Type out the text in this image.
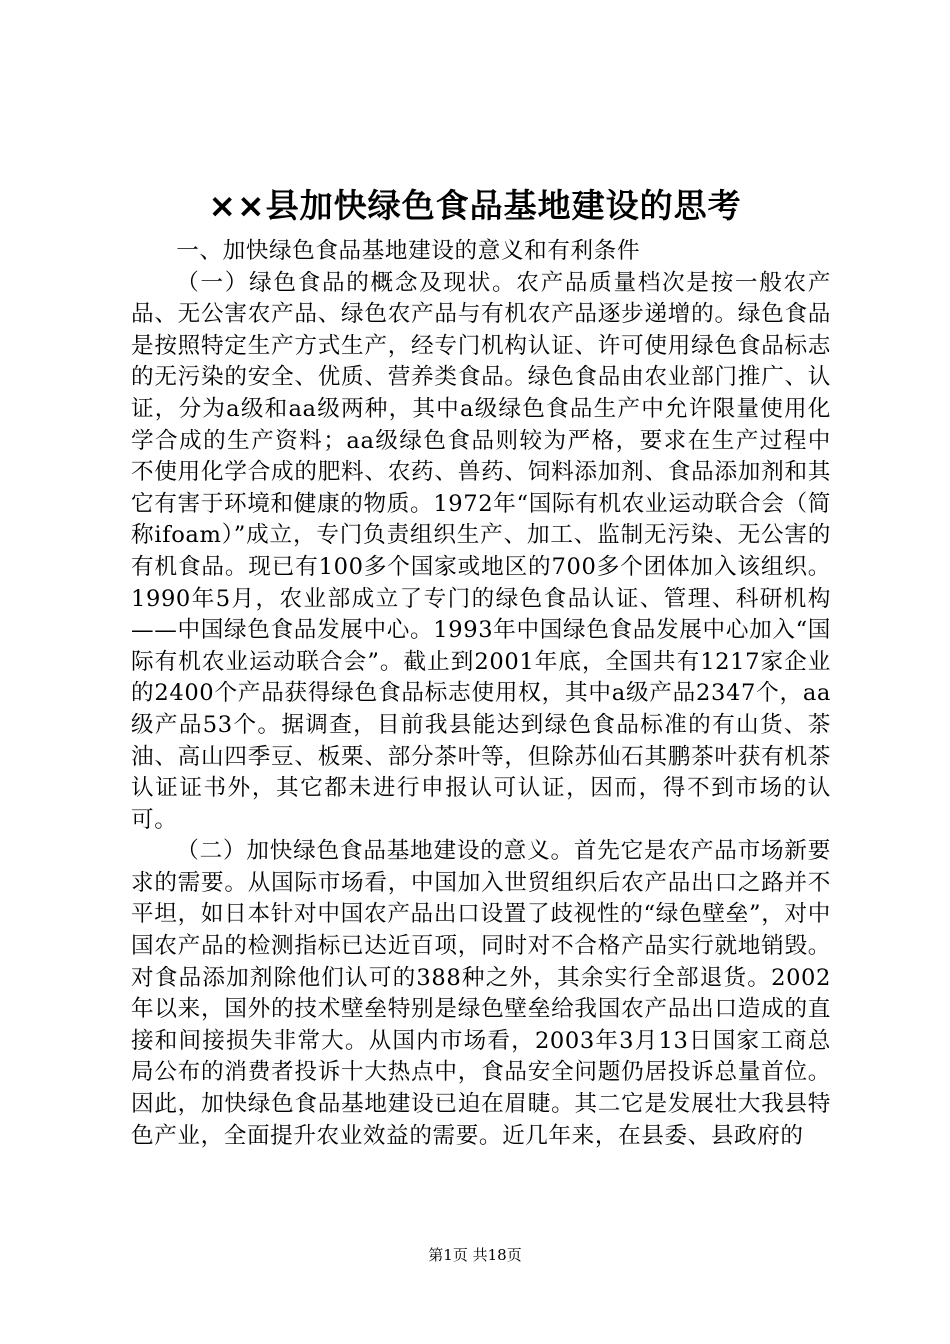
××县加快绿色食品基地建设的思考

一、加快绿色食品基地建设的意义和有利条件

（一）绿色食品的概念及现状。农产品质量档次是按一般农产品、无公害农产品、绿色农产品与有机农产品逐步递增的。绿色食品是按照特定生产方式生产，经专门机构认证、许可使用绿色食品标志的无污染的安全、优质、营养类食品。绿色食品由农业部门推广、认证，分为a级和aa级两种，其中a级绿色食品生产中允许限量使用化学合成的生产资料；aa级绿色食品则较为严格，要求在生产过程中不使用化学合成的肥料、农药、兽药、饲料添加剂、食品添加剂和其它有害于环境和健康的物质。1972年“国际有机农业运动联合会（简称ifoam）”成立，专门负责组织生产、加工、监制无污染、无公害的有机食品。现已有100多个国家或地区的700多个团体加入该组织。1990年5月，农业部成立了专门的绿色食品认证、管理、科研机构——中国绿色食品发展中心。1993年中国绿色食品发展中心加入“国际有机农业运动联合会”。截止到2001年底，全国共有1217家企业的2400个产品获得绿色食品标志使用权，其中a级产品2347个，aa级产品53个。据调查，目前我县能达到绿色食品标准的有山货、茶油、高山四季豆、板栗、部分茶叶等，但除苏仙石其鹏茶叶获有机茶认证证书外，其它都未进行申报认可认证，因而，得不到市场的认可。

（二）加快绿色食品基地建设的意义。首先它是农产品市场新要求的需要。从国际市场看，中国加入世贸组织后农产品出口之路并不平坦，如日本针对中国农产品出口设置了歧视性的“绿色壁垒”，对中国农产品的检测指标已达近百项，同时对不合格产品实行就地销毁。对食品添加剂除他们认可的388种之外，其余实行全部退货。2002年以来，国外的技术壁垒特别是绿色壁垒给我国农产品出口造成的直接和间接损失非常大。从国内市场看，2003年3月13日国家工商总局公布的消费者投诉十大热点中，食品安全问题仍居投诉总量首位。因此，加快绿色食品基地建设已迫在眉睫。其二它是发展壮大我县特色产业，全面提升农业效益的需要。近几年来，在县委、县政府的

第1页 共18页
